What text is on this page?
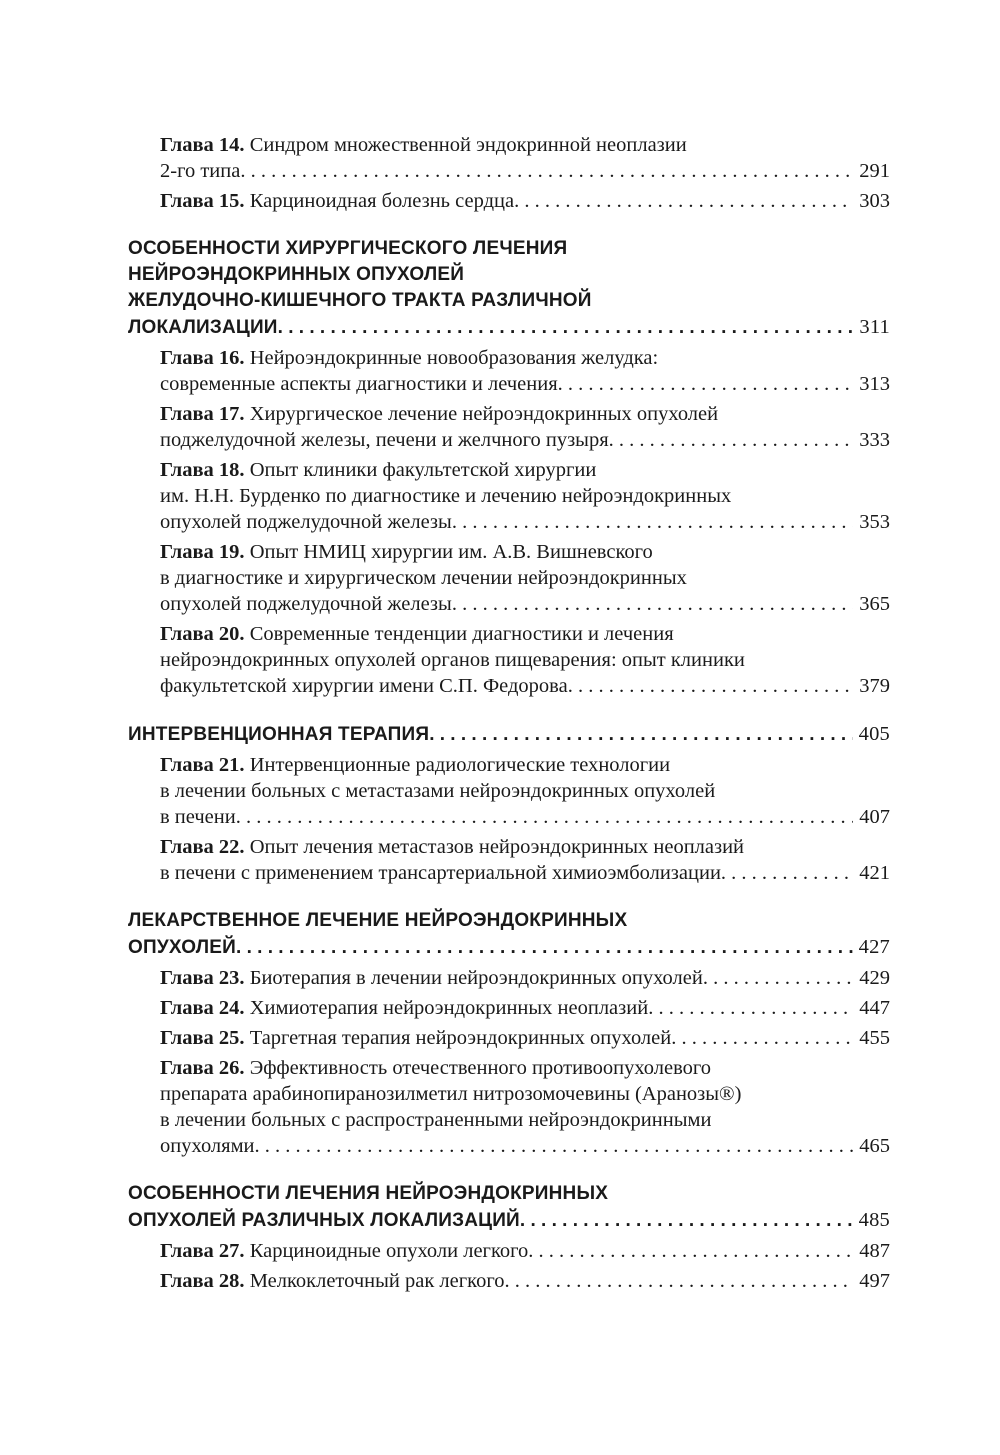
Глава 14. Синдром множественной эндокринной неоплазии
2-го типа . . .	291
Глава 15. Карциноидная болезнь сердца . . .	303
ОСОБЕННОСТИ ХИРУРГИЧЕСКОГО ЛЕЧЕНИЯ
НЕЙРОЭНДОКРИННЫХ ОПУХОЛЕЙ
ЖЕЛУДОЧНО-КИШЕЧНОГО ТРАКТА РАЗЛИЧНОЙ
ЛОКАЛИЗАЦИИ . . .	311
Глава 16. Нейроэндокринные новообразования желудка:
современные аспекты диагностики и лечения . . .	313
Глава 17. Хирургическое лечение нейроэндокринных опухолей
поджелудочной железы, печени и желчного пузыря . . .	333
Глава 18. Опыт клиники факультетской хирургии
им. Н.Н. Бурденко по диагностике и лечению нейроэндокринных
опухолей поджелудочной железы . . .	353
Глава 19. Опыт НМИЦ хирургии им. А.В. Вишневского
в диагностике и хирургическом лечении нейроэндокринных
опухолей поджелудочной железы . . .	365
Глава 20. Современные тенденции диагностики и лечения
нейроэндокринных опухолей органов пищеварения: опыт клиники
факультетской хирургии имени С.П. Федорова . . .	379
ИНТЕРВЕНЦИОННАЯ ТЕРАПИЯ . . .	405
Глава 21. Интервенционные радиологические технологии
в лечении больных с метастазами нейроэндокринных опухолей
в печени . . .	407
Глава 22. Опыт лечения метастазов нейроэндокринных неоплазий
в печени с применением трансартериальной химиоэмболизации . . .	421
ЛЕКАРСТВЕННОЕ ЛЕЧЕНИЕ НЕЙРОЭНДОКРИННЫХ
ОПУХОЛЕЙ . . .	427
Глава 23. Биотерапия в лечении нейроэндокринных опухолей . . .	429
Глава 24. Химиотерапия нейроэндокринных неоплазий . . .	447
Глава 25. Таргетная терапия нейроэндокринных опухолей . . .	455
Глава 26. Эффективность отечественного противоопухолевого
препарата арабинопиранозилметил нитрозомочевины (Аранозы®)
в лечении больных с распространенными нейроэндокринными
опухолями . . .	465
ОСОБЕННОСТИ ЛЕЧЕНИЯ НЕЙРОЭНДОКРИННЫХ
ОПУХОЛЕЙ РАЗЛИЧНЫХ ЛОКАЛИЗАЦИЙ . . .	485
Глава 27. Карциноидные опухоли легкого . . .	487
Глава 28. Мелкоклеточный рак легкого . . .	497
